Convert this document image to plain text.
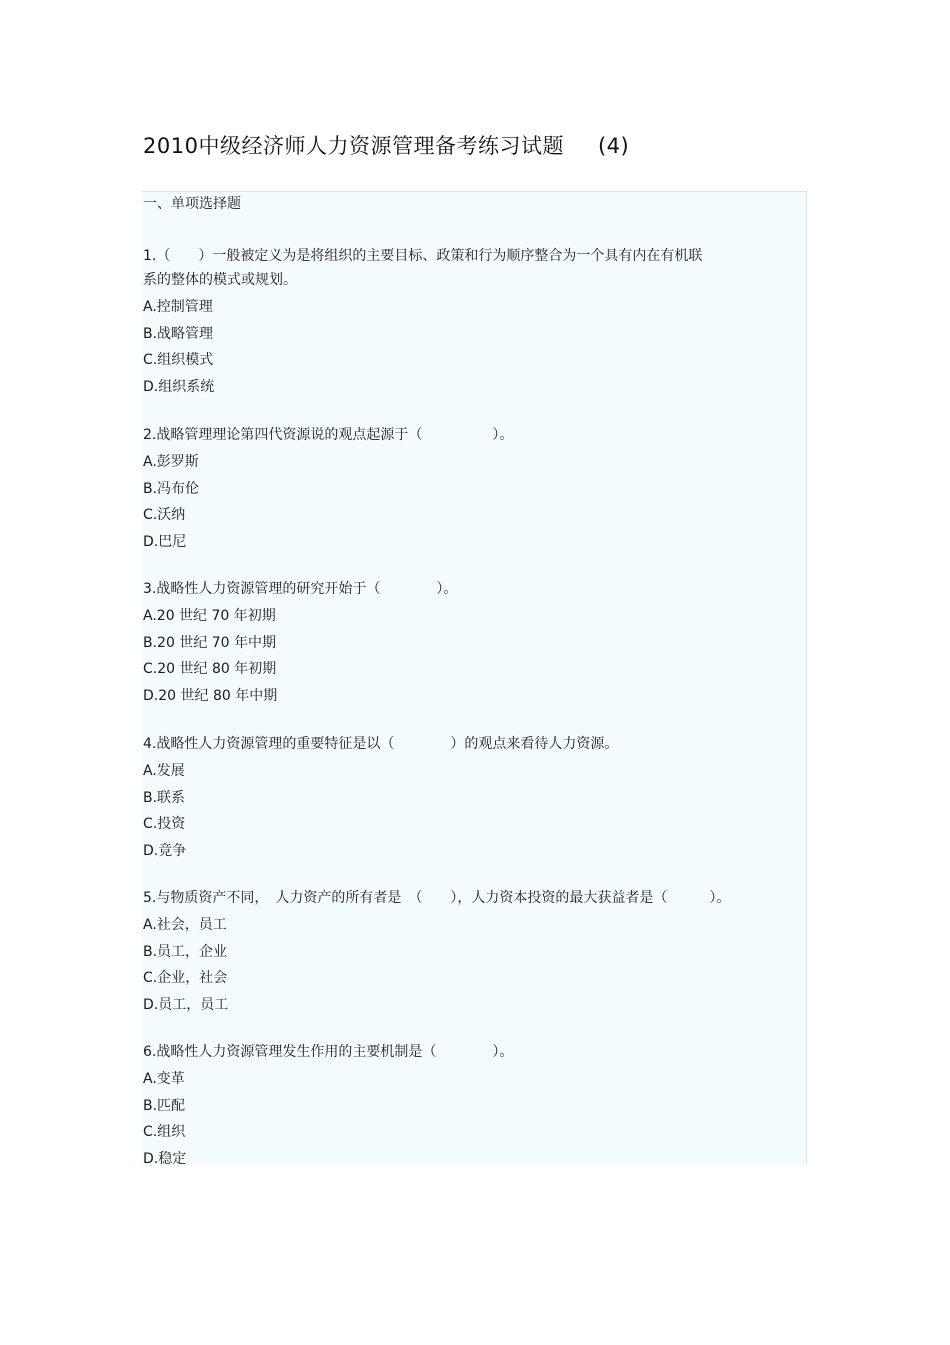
2010中级经济师人力资源管理备考练习试题 (4)
一、单项选择题
1.（　　）一般被定义为是将组织的主要目标、政策和行为顺序整合为一个具有内在有机联
系的整体的模式或规划。
A.控制管理
B.战略管理
C.组织模式
D.组织系统
2.战略管理理论第四代资源说的观点起源于（　　　　　）。
A.彭罗斯
B.冯布伦
C.沃纳
D.巴尼
3.战略性人力资源管理的研究开始于（　　　　）。
A.20 世纪 70 年初期
B.20 世纪 70 年中期
C.20 世纪 80 年初期
D.20 世纪 80 年中期
4.战略性人力资源管理的重要特征是以（　　　　）的观点来看待人力资源。
A.发展
B.联系
C.投资
D.竞争
5.与物质资产不同，　人力资产的所有者是　（　　），人力资本投资的最大获益者是（　　　）。
A.社会，员工
B.员工，企业
C.企业，社会
D.员工，员工
6.战略性人力资源管理发生作用的主要机制是（　　　　）。
A.变革
B.匹配
C.组织
D.稳定
